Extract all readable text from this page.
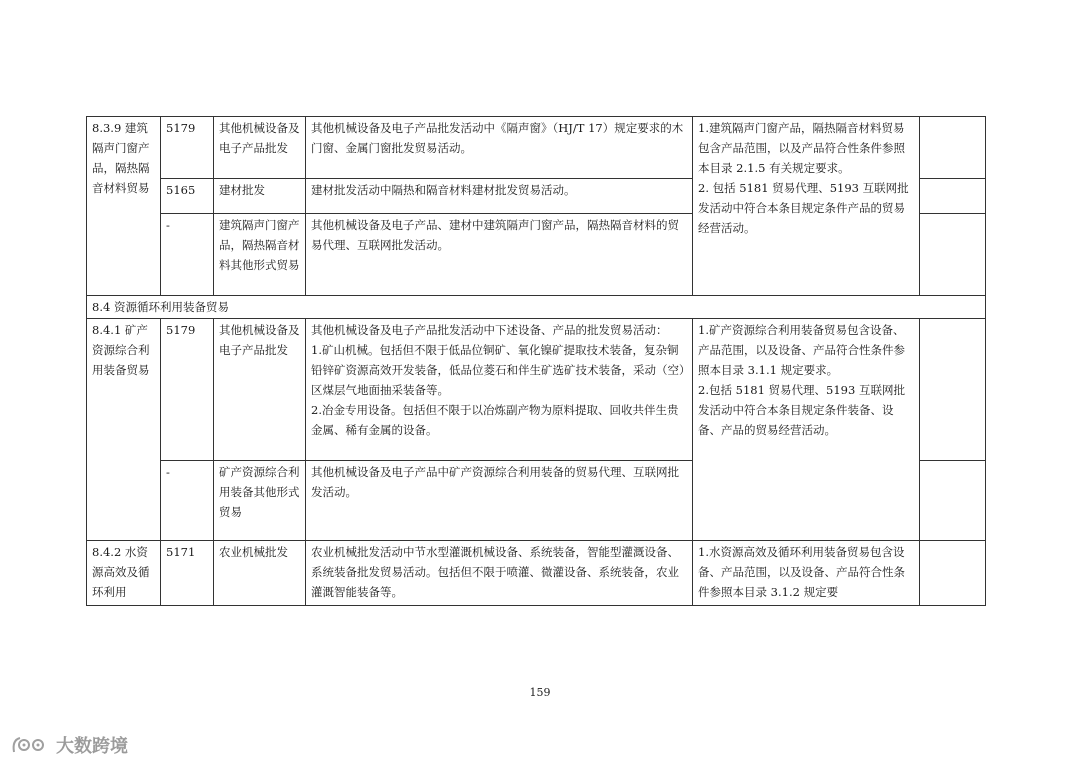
8.3.9 建筑隔声门窗产品，隔热隔音材料贸易	5179	其他机械设备及电子产品批发	其他机械设备及电子产品批发活动中《隔声窗》（HJ/T 17）规定要求的木门窗、金属门窗批发贸易活动。	1.建筑隔声门窗产品，隔热隔音材料贸易包含产品范围，以及产品符合性条件参照本目录 2.1.5 有关规定要求。
2. 包括 5181 贸易代理、5193 互联网批发活动中符合本条目规定条件产品的贸易经营活动。	
	5165	建材批发	建材批发活动中隔热和隔音材料建材批发贸易活动。		
	-	建筑隔声门窗产品，隔热隔音材料其他形式贸易	其他机械设备及电子产品、建材中建筑隔声门窗产品，隔热隔音材料的贸易代理、互联网批发活动。		
8.4 资源循环利用装备贸易					
8.4.1 矿产资源综合利用装备贸易	5179	其他机械设备及电子产品批发	其他机械设备及电子产品批发活动中下述设备、产品的批发贸易活动：
1.矿山机械。包括但不限于低品位铜矿、氧化镍矿提取技术装备，复杂铜铅锌矿资源高效开发装备，低品位菱石和伴生矿选矿技术装备，采动（空）区煤层气地面抽采装备等。
2.冶金专用设备。包括但不限于以冶炼副产物为原料提取、回收共伴生贵金属、稀有金属的设备。	1.矿产资源综合利用装备贸易包含设备、产品范围，以及设备、产品符合性条件参照本目录 3.1.1 规定要求。
2.包括 5181 贸易代理、5193 互联网批发活动中符合本条目规定条件装备、设备、产品的贸易经营活动。	
	-	矿产资源综合利用装备其他形式贸易	其他机械设备及电子产品中矿产资源综合利用装备的贸易代理、互联网批发活动。		
8.4.2 水资源高效及循环利用	5171	农业机械批发	农业机械批发活动中节水型灌溉机械设备、系统装备，智能型灌溉设备、系统装备批发贸易活动。包括但不限于喷灌、微灌设备、系统装备，农业灌溉智能装备等。	1.水资源高效及循环利用装备贸易包含设备、产品范围，以及设备、产品符合性条件参照本目录 3.1.2 规定要	
159
大数跨境
